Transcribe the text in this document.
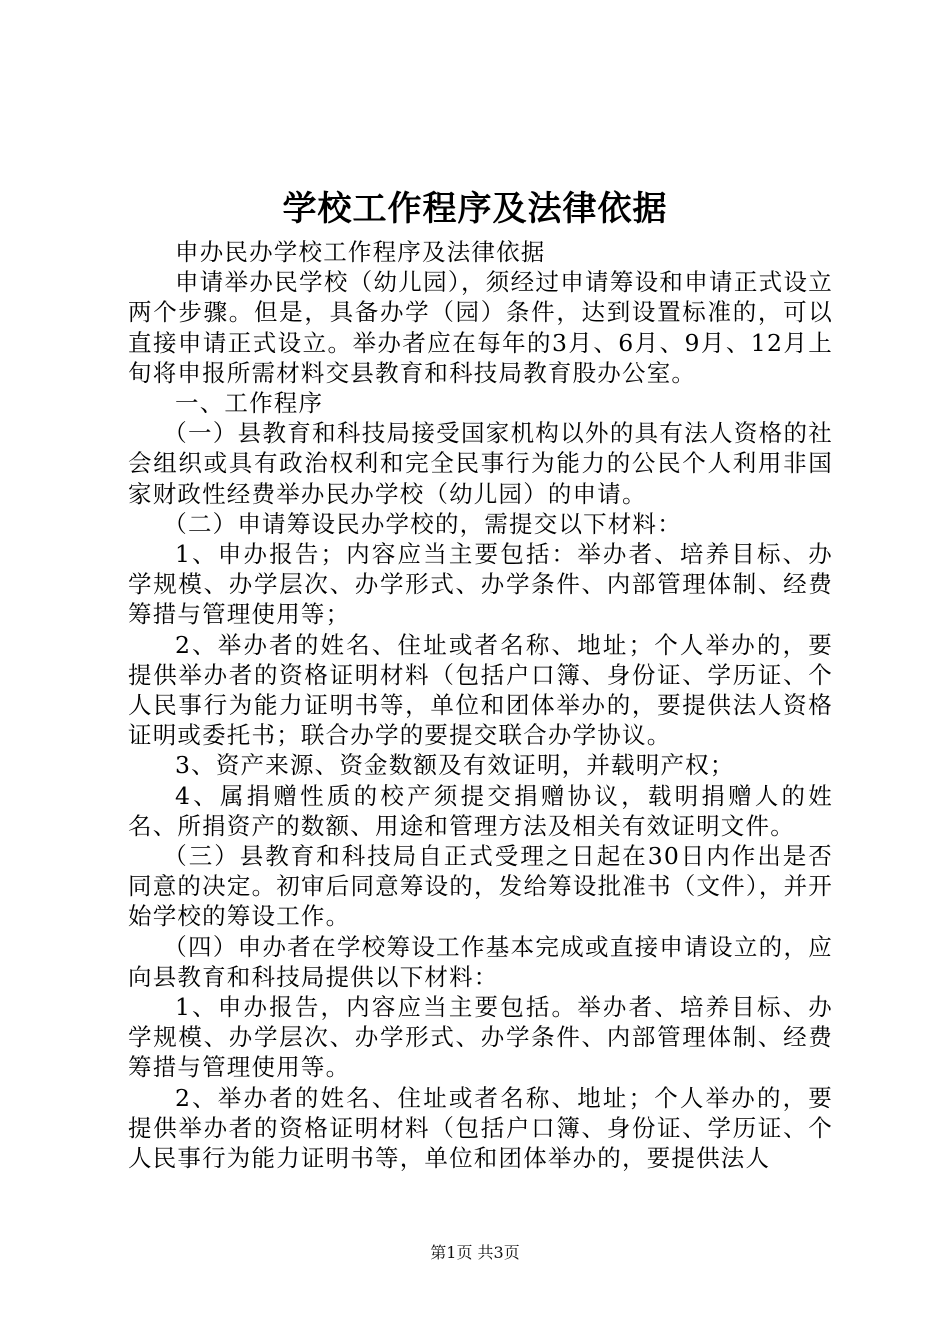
学校工作程序及法律依据

申办民办学校工作程序及法律依据

申请举办民学校（幼儿园），须经过申请筹设和申请正式设立两个步骤。但是，具备办学（园）条件，达到设置标准的，可以直接申请正式设立。举办者应在每年的3月、6月、9月、12月上旬将申报所需材料交县教育和科技局教育股办公室。

一、工作程序

（一）县教育和科技局接受国家机构以外的具有法人资格的社会组织或具有政治权利和完全民事行为能力的公民个人利用非国家财政性经费举办民办学校（幼儿园）的申请。

（二）申请筹设民办学校的，需提交以下材料：

1、申办报告；内容应当主要包括：举办者、培养目标、办学规模、办学层次、办学形式、办学条件、内部管理体制、经费筹措与管理使用等；

2、举办者的姓名、住址或者名称、地址；个人举办的，要提供举办者的资格证明材料（包括户口簿、身份证、学历证、个人民事行为能力证明书等，单位和团体举办的，要提供法人资格证明或委托书；联合办学的要提交联合办学协议。

3、资产来源、资金数额及有效证明，并载明产权；

4、属捐赠性质的校产须提交捐赠协议，载明捐赠人的姓名、所捐资产的数额、用途和管理方法及相关有效证明文件。

（三）县教育和科技局自正式受理之日起在30日内作出是否同意的决定。初审后同意筹设的，发给筹设批准书（文件），并开始学校的筹设工作。

（四）申办者在学校筹设工作基本完成或直接申请设立的，应向县教育和科技局提供以下材料：

1、申办报告，内容应当主要包括。举办者、培养目标、办学规模、办学层次、办学形式、办学条件、内部管理体制、经费筹措与管理使用等。

2、举办者的姓名、住址或者名称、地址；个人举办的，要提供举办者的资格证明材料（包括户口簿、身份证、学历证、个人民事行为能力证明书等，单位和团体举办的，要提供法人

第1页 共3页
